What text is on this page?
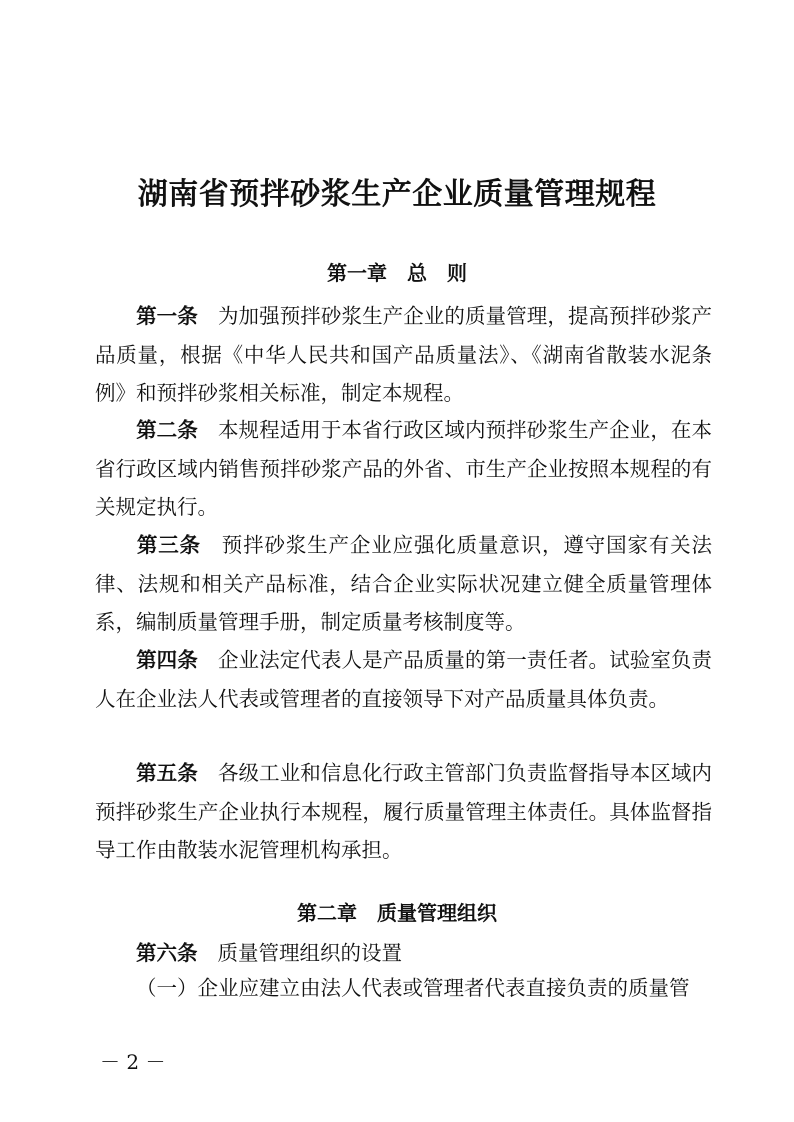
湖南省预拌砂浆生产企业质量管理规程
第一章　总　则
第一条 为加强预拌砂浆生产企业的质量管理，提高预拌砂浆产品质量，根据《中华人民共和国产品质量法》、《湖南省散装水泥条例》和预拌砂浆相关标准，制定本规程。
第二条 本规程适用于本省行政区域内预拌砂浆生产企业，在本省行政区域内销售预拌砂浆产品的外省、市生产企业按照本规程的有关规定执行。
第三条 预拌砂浆生产企业应强化质量意识，遵守国家有关法律、法规和相关产品标准，结合企业实际状况建立健全质量管理体系，编制质量管理手册，制定质量考核制度等。
第四条 企业法定代表人是产品质量的第一责任者。试验室负责人在企业法人代表或管理者的直接领导下对产品质量具体负责。
第五条 各级工业和信息化行政主管部门负责监督指导本区域内预拌砂浆生产企业执行本规程，履行质量管理主体责任。具体监督指导工作由散装水泥管理机构承担。
第二章　质量管理组织
第六条 质量管理组织的设置
（一）企业应建立由法人代表或管理者代表直接负责的质量管
－ 2 －
